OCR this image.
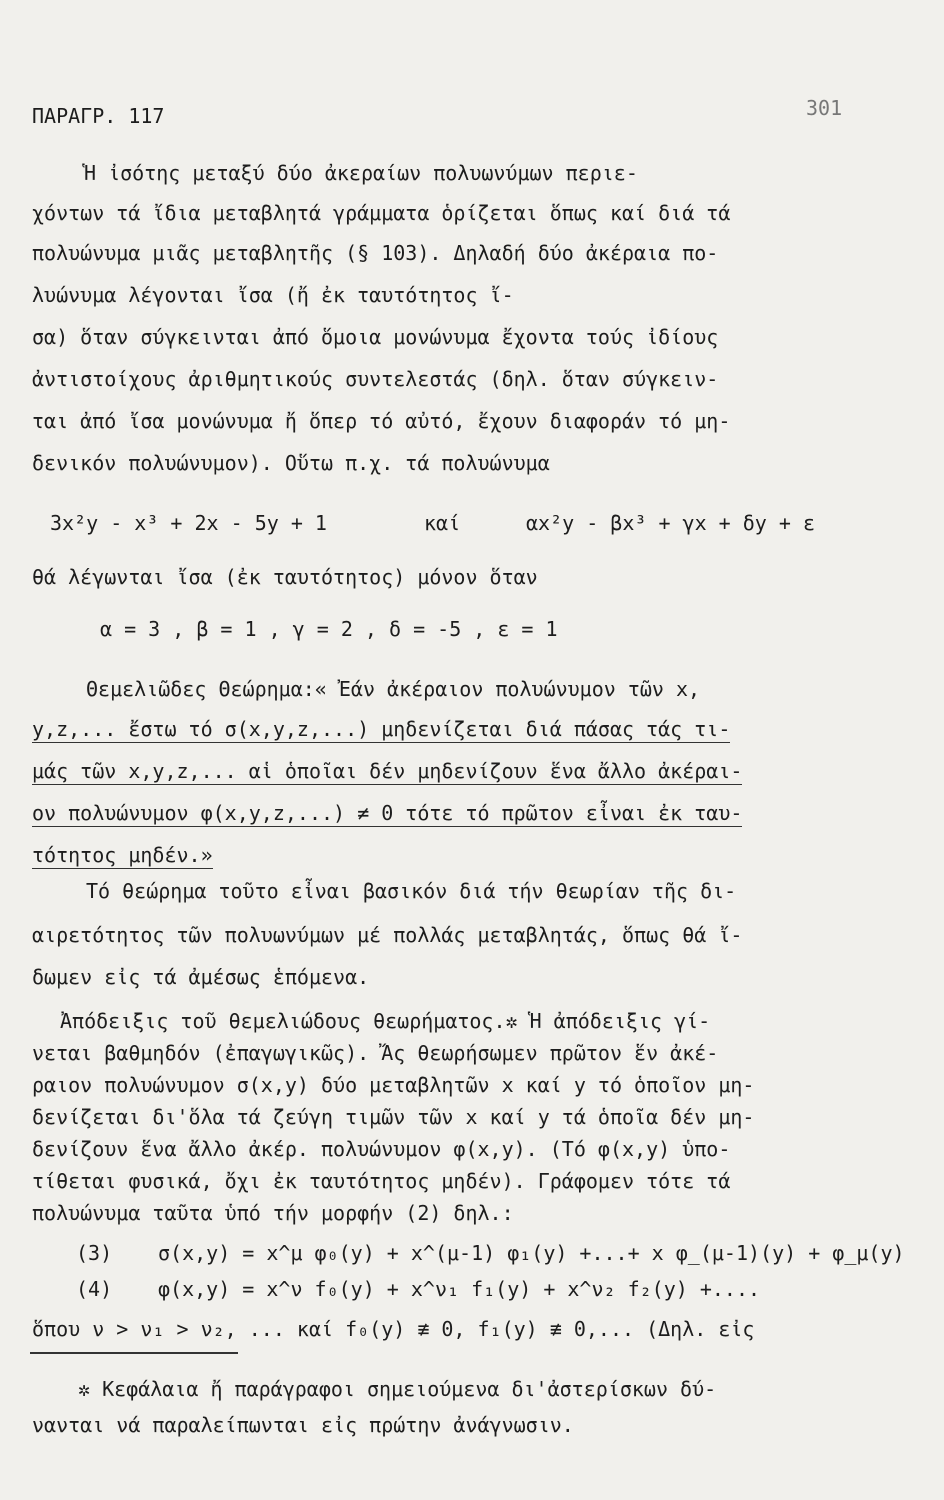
ΠΑΡΑΓΡ. 117	301

Ἡ ἰσότης μεταξύ δύο ἀκεραίων πολυωνύμων περιε-

χόντων τά ἴδια μεταβλητά γράμματα ὁρίζεται ὅπως καί διά τά

πολυώνυμα μιᾶς μεταβλητῆς (§ 103). Δηλαδή δύο ἀκέραια πο-

λυώνυμα λέγονται ἴσα (ἤ ἐκ ταυτότητος ἴ-

σα) ὅταν σύγκεινται ἀπό ὅμοια μονώνυμα ἔχοντα τούς ἰδίους

ἀντιστοίχους ἀριθμητικούς συντελεστάς (δηλ. ὅταν σύγκειν-

ται ἀπό ἴσα μονώνυμα ἤ ὅπερ τό αὐτό, ἔχουν διαφοράν τό μη-

δενικόν πολυώνυμον). Οὕτω π.χ. τά πολυώνυμα

3x²y - x³ + 2x - 5y + 1	καί	αx²y - βx³ + γx + δy + ε

θά λέγωνται ἴσα (ἐκ ταυτότητος) μόνον ὅταν

α = 3 , β = 1 , γ = 2 , δ = -5 , ε = 1

Θεμελιῶδες Θεώρημα:« Ἐάν ἀκέραιον πολυώνυμον τῶν x,

y,z,... ἔστω τό σ(x,y,z,...) μηδενίζεται διά πάσας τάς τι-

μάς τῶν x,y,z,... αἱ ὁποῖαι δέν μηδενίζουν ἕνα ἄλλο ἀκέραι-

ον πολυώνυμον φ(x,y,z,...) ≠ 0 τότε τό πρῶτον εἶναι ἐκ ταυ-

τότητος μηδέν.»

Τό θεώρημα τοῦτο εἶναι βασικόν διά τήν θεωρίαν τῆς δι-

αιρετότητος τῶν πολυωνύμων μέ πολλάς μεταβλητάς, ὅπως θά ἴ-

δωμεν εἰς τά ἀμέσως ἑπόμενα.

Ἀπόδειξις τοῦ θεμελιώδους θεωρήματος.✲ Ἡ ἀπόδειξις γί-

νεται βαθμηδόν (ἐπαγωγικῶς). Ἄς θεωρήσωμεν πρῶτον ἕν ἀκέ-

ραιον πολυώνυμον σ(x,y) δύο μεταβλητῶν x καί y τό ὁποῖον μη-

δενίζεται δι'ὅλα τά ζεύγη τιμῶν τῶν x καί y τά ὁποῖα δέν μη-

δενίζουν ἕνα ἄλλο ἀκέρ. πολυώνυμον φ(x,y). (Τό φ(x,y) ὑπο-

τίθεται φυσικά, ὄχι ἐκ ταυτότητος μηδέν). Γράφομεν τότε τά

πολυώνυμα ταῦτα ὑπό τήν μορφήν (2) δηλ.:

(3) σ(x,y) = x^μ φ₀(y) + x^(μ-1) φ₁(y) +...+ x φ_(μ-1)(y) + φ_μ(y)

(4) φ(x,y) = x^ν f₀(y) + x^ν₁ f₁(y) + x^ν₂ f₂(y) +....

ὅπου ν > ν₁ > ν₂, ... καί f₀(y) ≢ 0, f₁(y) ≢ 0,... (Δηλ. εἰς

✲ Κεφάλαια ἤ παράγραφοι σημειούμενα δι'ἀστερίσκων δύ-

νανται νά παραλείπωνται εἰς πρώτην ἀνάγνωσιν.
